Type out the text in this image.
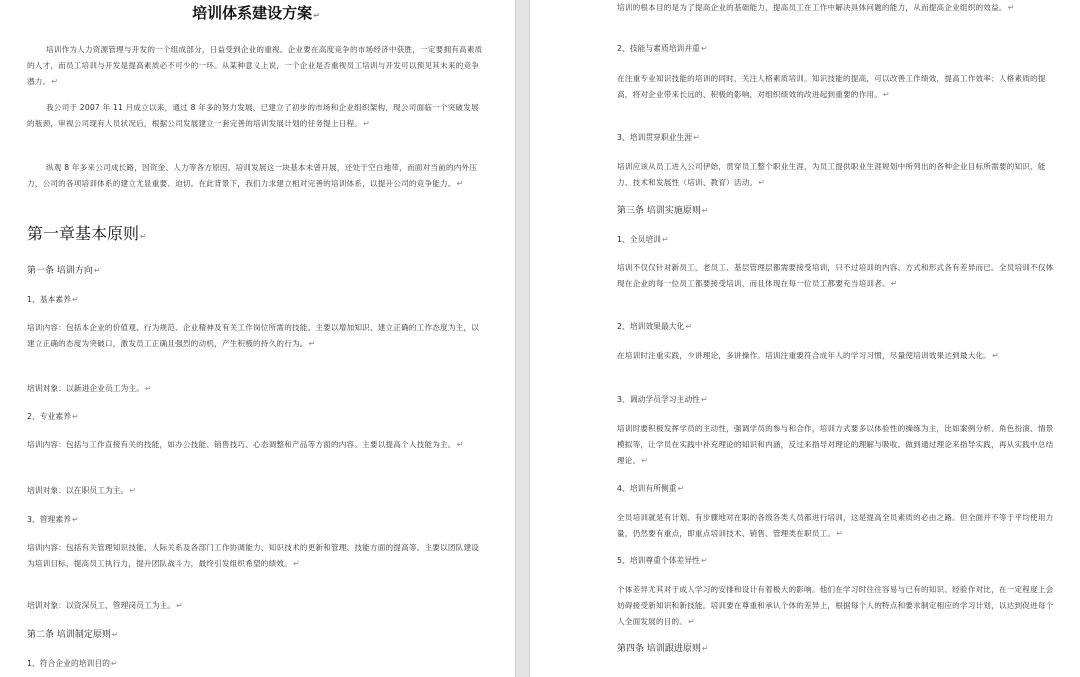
培训体系建设方案 ↵

培训作为人力资源管理与开发的一个组成部分，日益受到企业的重视。企业要在高度竞争的市场经济中获胜，一定要拥有高素质的人才，而员工培训与开发是提高素质必不可少的一环。从某种意义上说，一个企业是否重视员工培训与开发可以预见其未来的竞争潜力。 ↵

我公司于 2007 年 11 月成立以来，通过 8 年多的努力发展，已建立了初步的市场和企业组织架构，现公司面临一个突破发展的瓶颈，审视公司现有人员状况后，根据公司发展建立一套完善的培训发展计划的任务提上日程。 ↵

纵观 8 年多来公司成长路，因资金、人力等各方原因，培训发展这一块基本未曾开展，还处于空白地带，而面对当前的内外压力，公司的各项培训体系的建立尤显重要、迫切。在此背景下，我们力求建立相对完善的培训体系，以提升公司的竞争能力。 ↵

第一章基本原则 ↵
第一条 培训方向 ↵
1、基本素养 ↵

培训内容：包括本企业的价值观、行为规范、企业精神及有关工作岗位所需的技能。主要以增加知识、建立正确的工作态度为主，以建立正确的态度为突破口，激发员工正确且强烈的动机，产生积极的持久的行为。 ↵

培训对象：以新进企业员工为主。 ↵
2、专业素养 ↵

培训内容：包括与工作直接有关的技能，如办公技能、销售技巧、心态调整和产品等方面的内容。主要以提高个人技能为主。 ↵

培训对象：以在职员工为主。 ↵
3、管理素养 ↵

培训内容：包括有关管理知识技能、人际关系及各部门工作协调能力、知识技术的更新和管理、技能方面的提高等。主要以团队建设为培训目标，提高员工执行力，提升团队战斗力，最终引发组织希望的绩效。 ↵

培训对象：以资深员工、管理岗员工为主。 ↵
第二条 培训制定原则 ↵
1、符合企业的培训目的 ↵

培训的根本目的是为了提高企业的基础能力，提高员工在工作中解决具体问题的能力，从而提高企业组织的效益。 ↵

2、技能与素质培训并重 ↵

在注重专业知识技能的培训的同时，关注人格素质培训。知识技能的提高，可以改善工作绩效，提高工作效率；人格素质的提高，将对企业带来长远的、积极的影响，对组织绩效的改进起到重要的作用。 ↵

3、培训贯穿职业生涯 ↵

培训应该从员工进入公司伊始，贯穿员工整个职业生涯，为员工提供职业生涯规划中所列出的各种企业目标所需要的知识、能力、技术和发展性（培训、教育）活动。 ↵

第三条 培训实施原则 ↵
1、全员培训 ↵

培训不仅仅针对新员工，老员工、基层管理层都需要接受培训，只不过培训的内容、方式和形式各有差异而已。全员培训不仅体现在企业的每一位员工都要接受培训，而且体现在每一位员工都要充当培训者。 ↵

2、培训效果最大化 ↵

在培训时注重实践，少讲理论，多讲操作。培训注重要符合成年人的学习习惯，尽量使培训效果达到最大化。 ↵

3、调动学员学习主动性 ↵

培训时要积极发挥学员的主动性，强调学员的参与和合作，培训方式要多以体验性的操练为主，比如案例分析、角色扮演、情景模拟等，让学员在实践中补充理论的知识和内涵，反过来指导对理论的理解与吸收。做到通过理论来指导实践，再从实践中总结理论。 ↵

4、培训有所侧重 ↵

全员培训就是有计划、有步骤地对在职的各级各类人员都进行培训，这是提高全员素质的必由之路。但全面并不等于平均使用力量，仍然要有重点，即重点培训技术、销售、管理类在职员工。 ↵

5、培训尊重个体差异性 ↵

个体差异尤其对于成人学习的安排和设计有着极大的影响。他们在学习时往往容易与已有的知识、经验作对比，在一定程度上会妨碍接受新知识和新技能。培训要在尊重和承认个体的差异上，根据每个人的特点和要求制定相应的学习计划，以达到促进每个人全面发展的目的。 ↵

第四条 培训跟进原则 ↵
